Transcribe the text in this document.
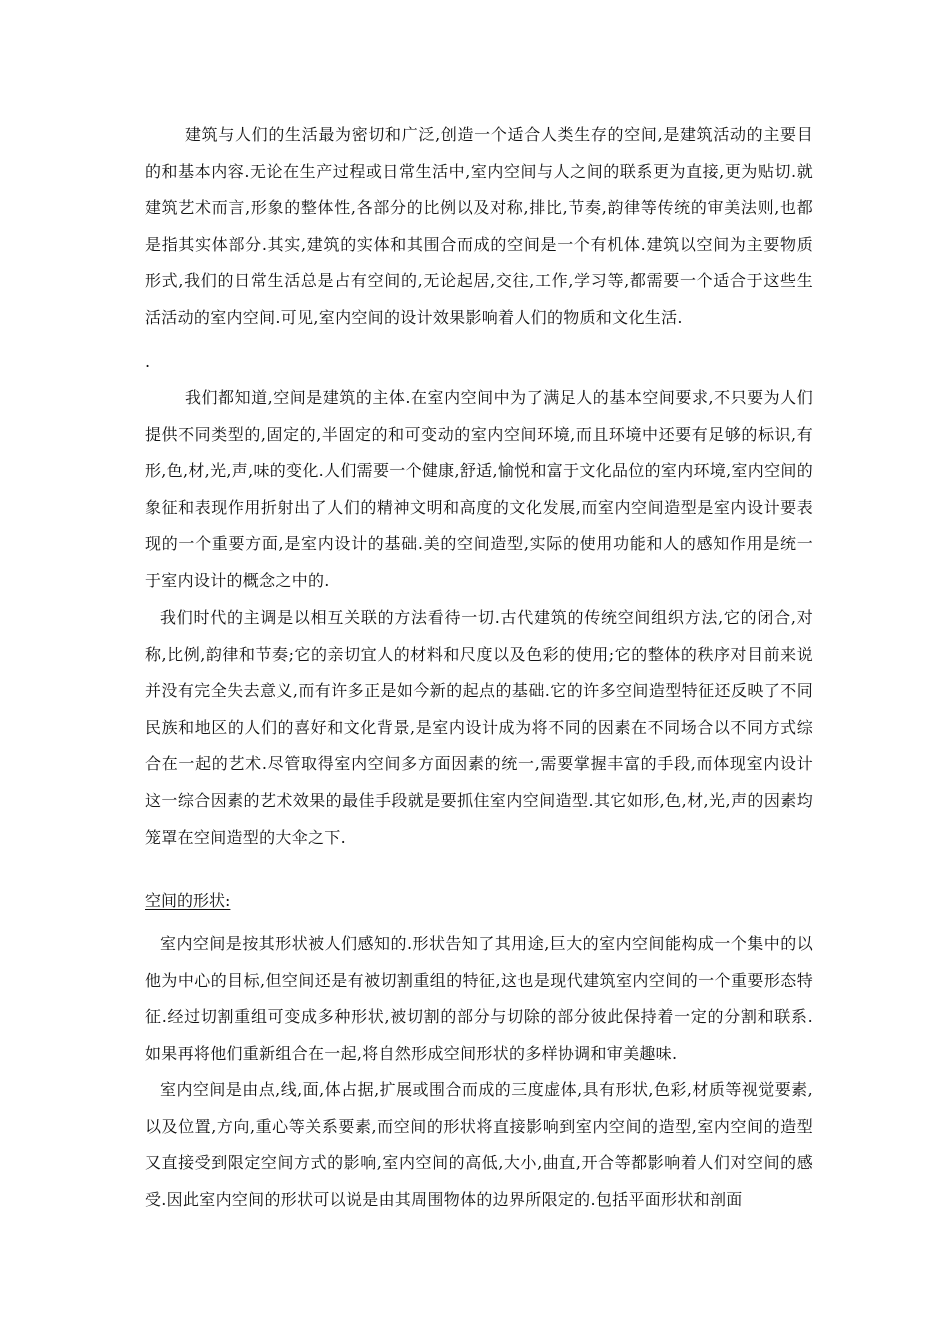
建筑与人们的生活最为密切和广泛,创造一个适合人类生存的空间,是建筑活动的主要目的和基本内容.无论在生产过程或日常生活中,室内空间与人之间的联系更为直接,更为贴切.就建筑艺术而言,形象的整体性,各部分的比例以及对称,排比,节奏,韵律等传统的审美法则,也都是指其实体部分.其实,建筑的实体和其围合而成的空间是一个有机体.建筑以空间为主要物质形式,我们的日常生活总是占有空间的,无论起居,交往,工作,学习等,都需要一个适合于这些生活活动的室内空间.可见,室内空间的设计效果影响着人们的物质和文化生活.

.

我们都知道,空间是建筑的主体.在室内空间中为了满足人的基本空间要求,不只要为人们提供不同类型的,固定的,半固定的和可变动的室内空间环境,而且环境中还要有足够的标识,有形,色,材,光,声,味的变化.人们需要一个健康,舒适,愉悦和富于文化品位的室内环境,室内空间的象征和表现作用折射出了人们的精神文明和高度的文化发展,而室内空间造型是室内设计要表现的一个重要方面,是室内设计的基础.美的空间造型,实际的使用功能和人的感知作用是统一于室内设计的概念之中的.

我们时代的主调是以相互关联的方法看待一切.古代建筑的传统空间组织方法,它的闭合,对称,比例,韵律和节奏;它的亲切宜人的材料和尺度以及色彩的使用;它的整体的秩序对目前来说并没有完全失去意义,而有许多正是如今新的起点的基础.它的许多空间造型特征还反映了不同民族和地区的人们的喜好和文化背景,是室内设计成为将不同的因素在不同场合以不同方式综合在一起的艺术.尽管取得室内空间多方面因素的统一,需要掌握丰富的手段,而体现室内设计这一综合因素的艺术效果的最佳手段就是要抓住室内空间造型.其它如形,色,材,光,声的因素均笼罩在空间造型的大伞之下.

空间的形状:

室内空间是按其形状被人们感知的.形状告知了其用途,巨大的室内空间能构成一个集中的以他为中心的目标,但空间还是有被切割重组的特征,这也是现代建筑室内空间的一个重要形态特征.经过切割重组可变成多种形状,被切割的部分与切除的部分彼此保持着一定的分割和联系.如果再将他们重新组合在一起,将自然形成空间形状的多样协调和审美趣味.

室内空间是由点,线,面,体占据,扩展或围合而成的三度虚体,具有形状,色彩,材质等视觉要素,以及位置,方向,重心等关系要素,而空间的形状将直接影响到室内空间的造型,室内空间的造型又直接受到限定空间方式的影响,室内空间的高低,大小,曲直,开合等都影响着人们对空间的感受.因此室内空间的形状可以说是由其周围物体的边界所限定的.包括平面形状和剖面
